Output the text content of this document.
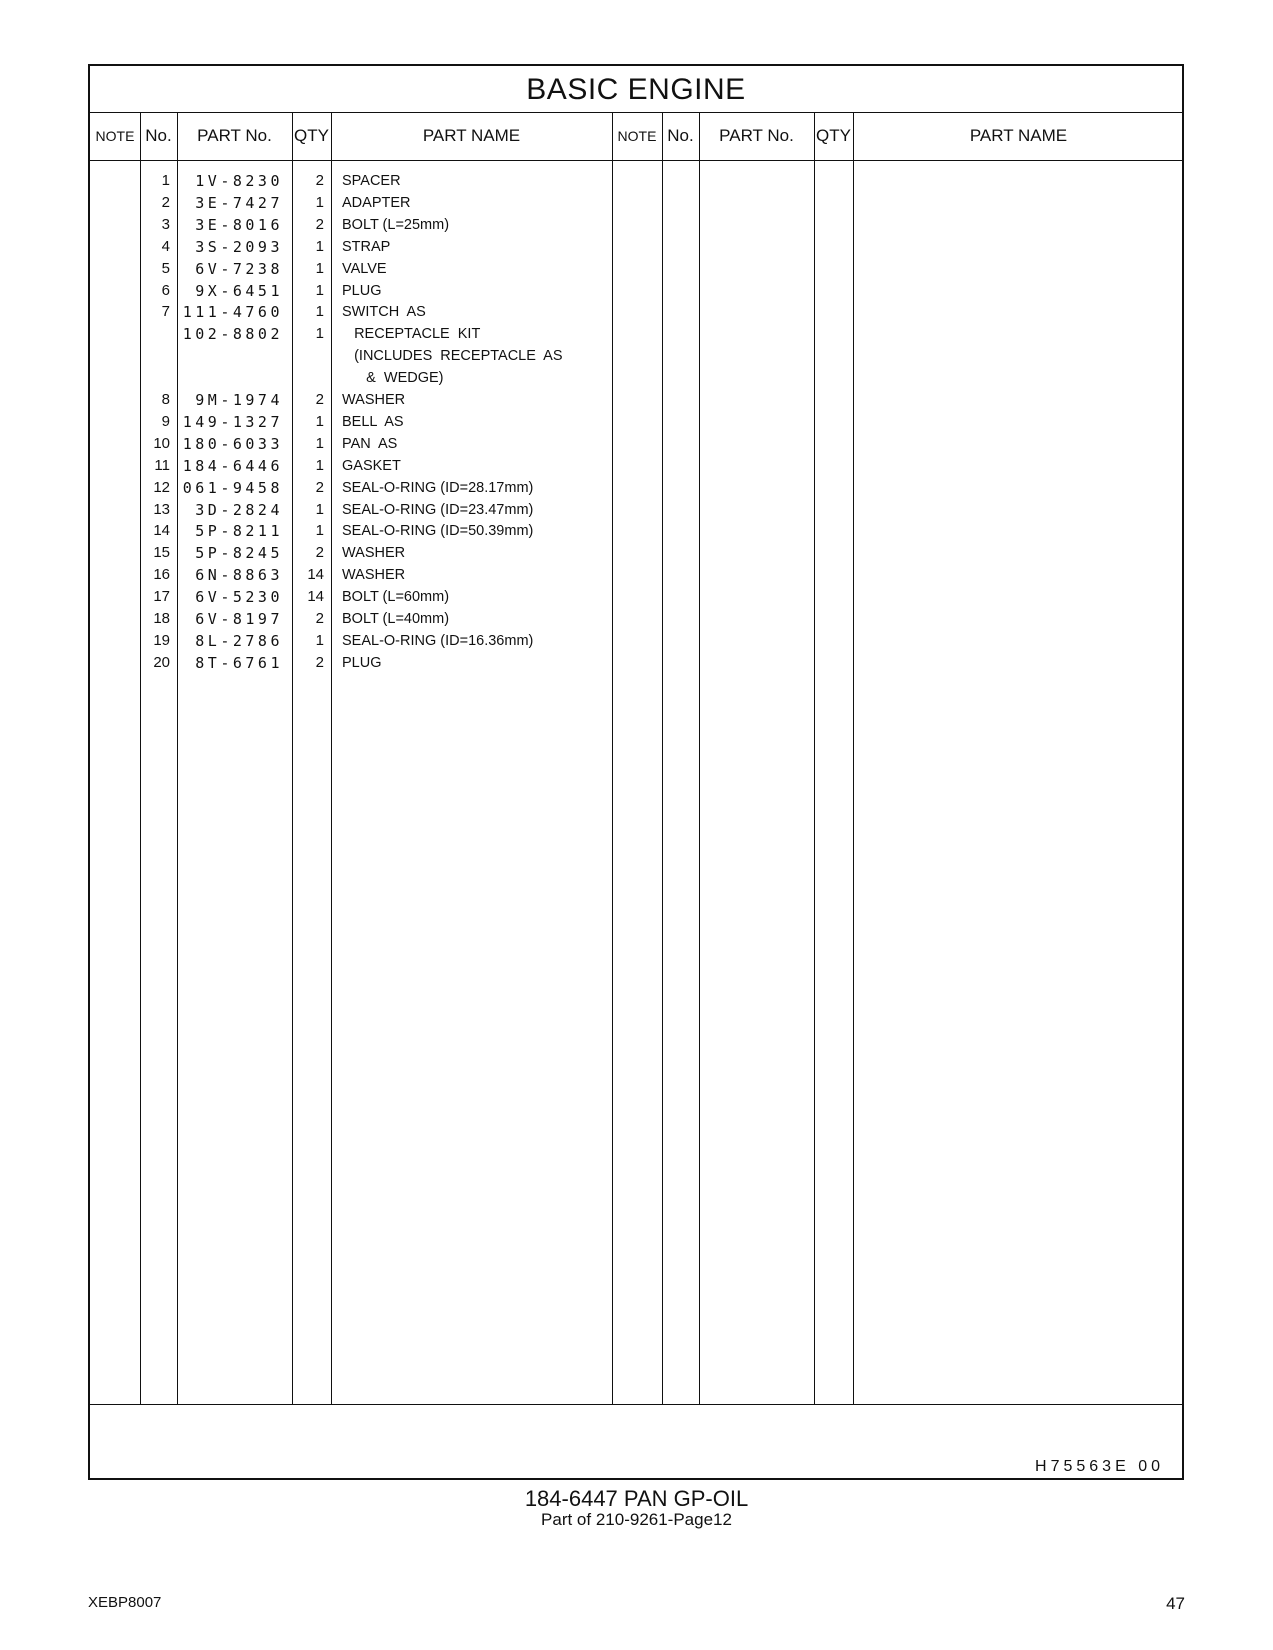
BASIC ENGINE
NOTE No.	PART No.	QTY	PART NAME	NOTE No.	PART No.	QTY	PART NAME
1	1V-8230	2 SPACER
2	3E-7427	1 ADAPTER
3	3E-8016	2 BOLT (L=25mm)
4	3S-2093	1 STRAP
5	6V-7238	1 VALVE
6	9X-6451	1 PLUG
7 111-4760	1 SWITCH  AS
102-8802	1 RECEPTACLE  KIT
(INCLUDES  RECEPTACLE  AS
&  WEDGE)
8	9M-1974	2 WASHER
9 149-1327	1 BELL  AS
10 180-6033	1 PAN  AS
11 184-6446	1 GASKET
12 061-9458	2 SEAL-O-RING (ID=28.17mm)
13	3D-2824	1 SEAL-O-RING (ID=23.47mm)
14	5P-8211	1 SEAL-O-RING (ID=50.39mm)
15	5P-8245	2 WASHER
16	6N-8863	14 WASHER
17	6V-5230	14 BOLT (L=60mm)
18	6V-8197	2 BOLT (L=40mm)
19	8L-2786	1 SEAL-O-RING (ID=16.36mm)
20	8T-6761	2 PLUG
H75563E 00
184-6447 PAN GP-OIL
Part of 210-9261-Page12
XEBP8007	47
